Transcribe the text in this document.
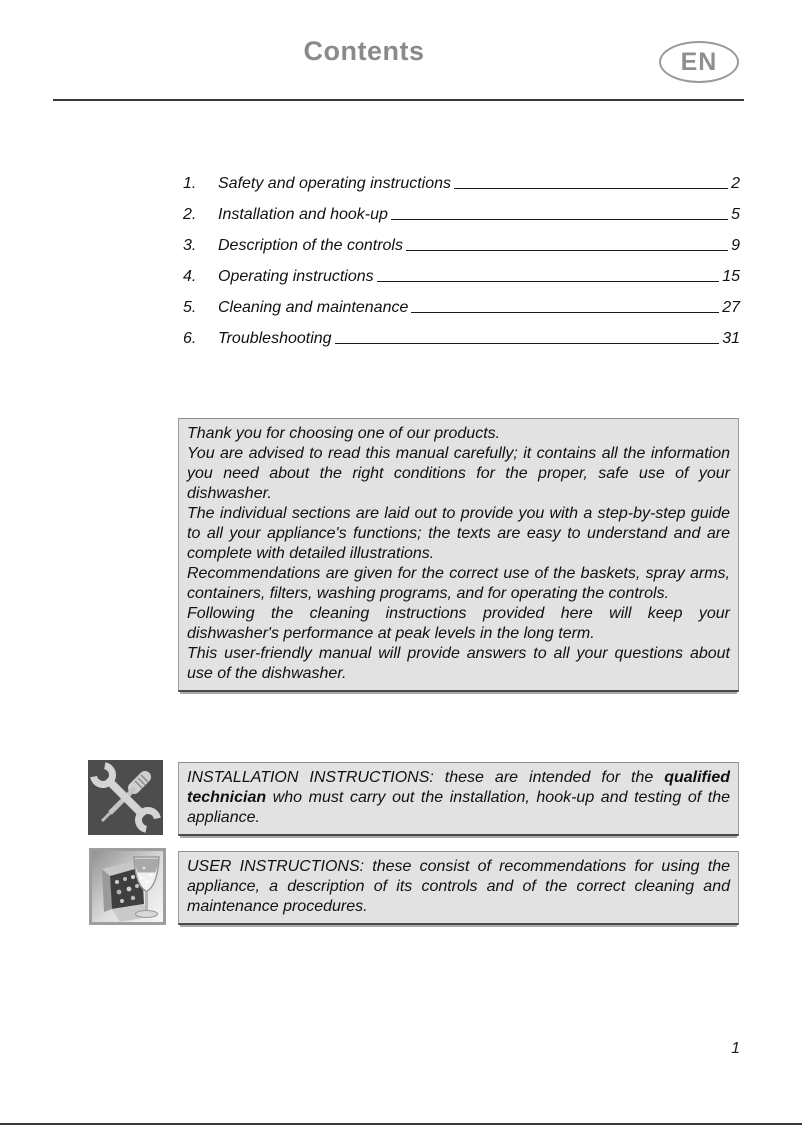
Contents	EN
1.	Safety and operating instructions	2
2.	Installation and hook-up	5
3.	Description of the controls	9
4.	Operating instructions	15
5.	Cleaning and maintenance	27
6.	Troubleshooting	31

Thank you for choosing one of our products.

You are advised to read this manual carefully; it contains all the information you need about the right conditions for the proper, safe use of your dishwasher.

The individual sections are laid out to provide you with a step-by-step guide to all your appliance's functions; the texts are easy to understand and are complete with detailed illustrations.

Recommendations are given for the correct use of the baskets, spray arms, containers, filters, washing programs, and for operating the controls.

Following the cleaning instructions provided here will keep your dishwasher's performance at peak levels in the long term.

This user-friendly manual will provide answers to all your questions about use of the dishwasher.

INSTALLATION INSTRUCTIONS: these are intended for the qualified technician who must carry out the installation, hook-up and testing of the appliance.

USER INSTRUCTIONS: these consist of recommendations for using the appliance, a description of its controls and of the correct cleaning and maintenance procedures.

1
